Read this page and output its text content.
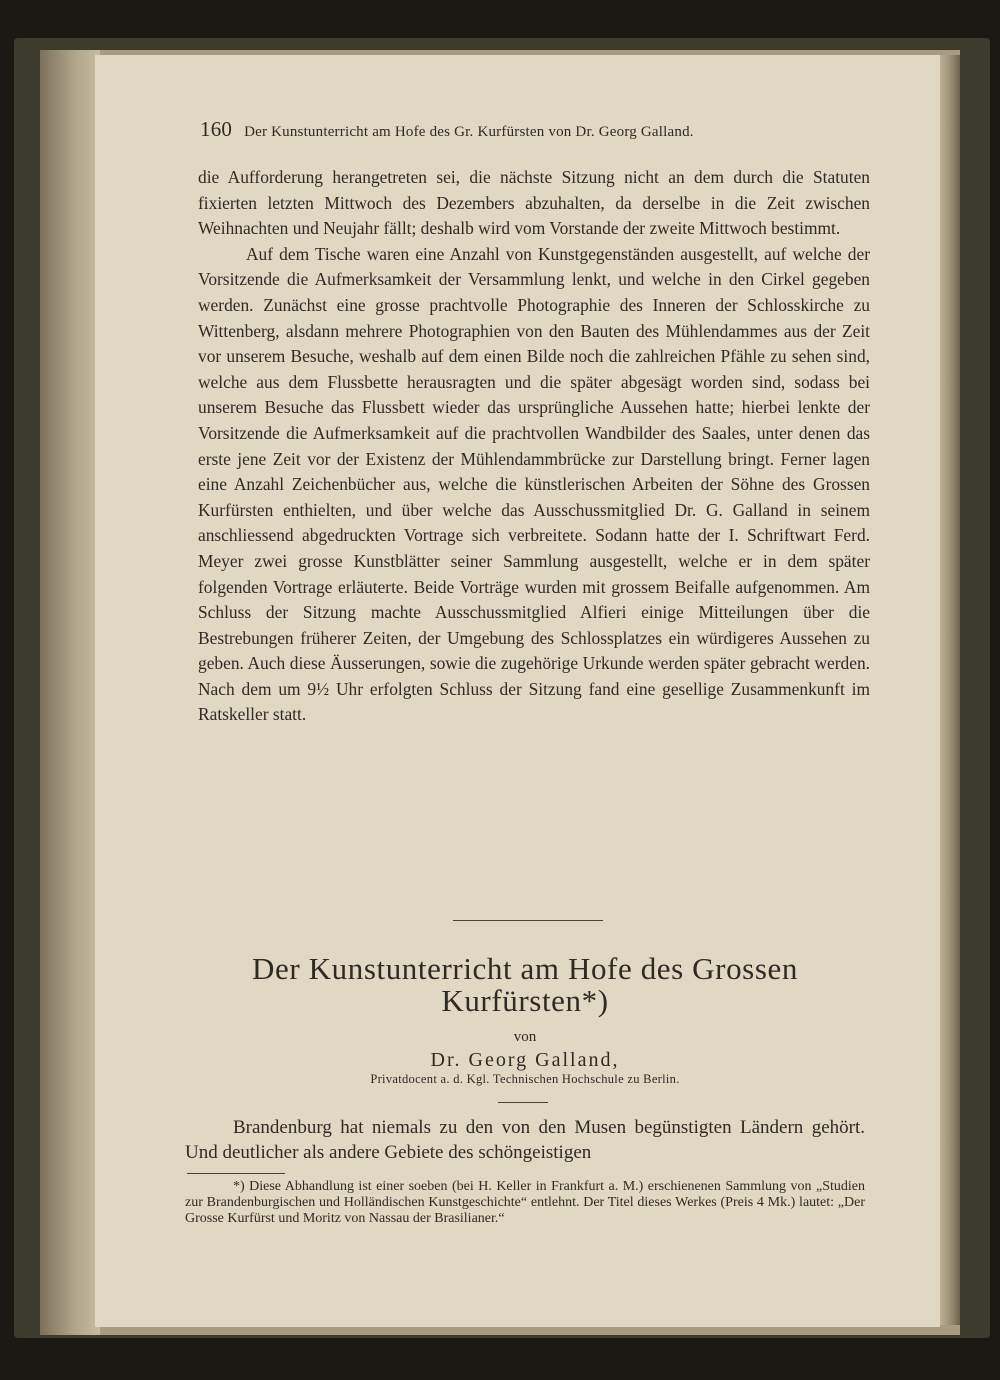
160 Der Kunstunterricht am Hofe des Gr. Kurfürsten von Dr. Georg Galland.

die Aufforderung herangetreten sei, die nächste Sitzung nicht an dem durch die Statuten fixierten letzten Mittwoch des Dezembers abzuhalten, da derselbe in die Zeit zwischen Weihnachten und Neujahr fällt; deshalb wird vom Vorstande der zweite Mittwoch bestimmt.

Auf dem Tische waren eine Anzahl von Kunstgegenständen ausgestellt, auf welche der Vorsitzende die Aufmerksamkeit der Versammlung lenkt, und welche in den Cirkel gegeben werden. Zunächst eine grosse prachtvolle Photographie des Inneren der Schlosskirche zu Wittenberg, alsdann mehrere Photographien von den Bauten des Mühlendammes aus der Zeit vor unserem Besuche, weshalb auf dem einen Bilde noch die zahlreichen Pfähle zu sehen sind, welche aus dem Flussbette herausragten und die später abgesägt worden sind, sodass bei unserem Besuche das Flussbett wieder das ursprüngliche Aussehen hatte; hierbei lenkte der Vorsitzende die Aufmerksamkeit auf die prachtvollen Wandbilder des Saales, unter denen das erste jene Zeit vor der Existenz der Mühlendammbrücke zur Darstellung bringt. Ferner lagen eine Anzahl Zeichenbücher aus, welche die künstlerischen Arbeiten der Söhne des Grossen Kurfürsten enthielten, und über welche das Ausschussmitglied Dr. G. Galland in seinem anschliessend abgedruckten Vortrage sich verbreitete. Sodann hatte der I. Schriftwart Ferd. Meyer zwei grosse Kunstblätter seiner Sammlung ausgestellt, welche er in dem später folgenden Vortrage erläuterte. Beide Vorträge wurden mit grossem Beifalle aufgenommen. Am Schluss der Sitzung machte Ausschussmitglied Alfieri einige Mitteilungen über die Bestrebungen früherer Zeiten, der Umgebung des Schlossplatzes ein würdigeres Aussehen zu geben. Auch diese Äusserungen, sowie die zugehörige Urkunde werden später gebracht werden. Nach dem um 9½ Uhr erfolgten Schluss der Sitzung fand eine gesellige Zusammenkunft im Ratskeller statt.

Der Kunstunterricht am Hofe des Grossen Kurfürsten*)
von
Dr. Georg Galland,
Privatdocent a. d. Kgl. Technischen Hochschule zu Berlin.

Brandenburg hat niemals zu den von den Musen begünstigten Ländern gehört. Und deutlicher als andere Gebiete des schöngeistigen

*) Diese Abhandlung ist einer soeben (bei H. Keller in Frankfurt a. M.) erschienenen Sammlung von „Studien zur Brandenburgischen und Holländischen Kunstgeschichte“ entlehnt. Der Titel dieses Werkes (Preis 4 Mk.) lautet: „Der Grosse Kurfürst und Moritz von Nassau der Brasilianer.“
